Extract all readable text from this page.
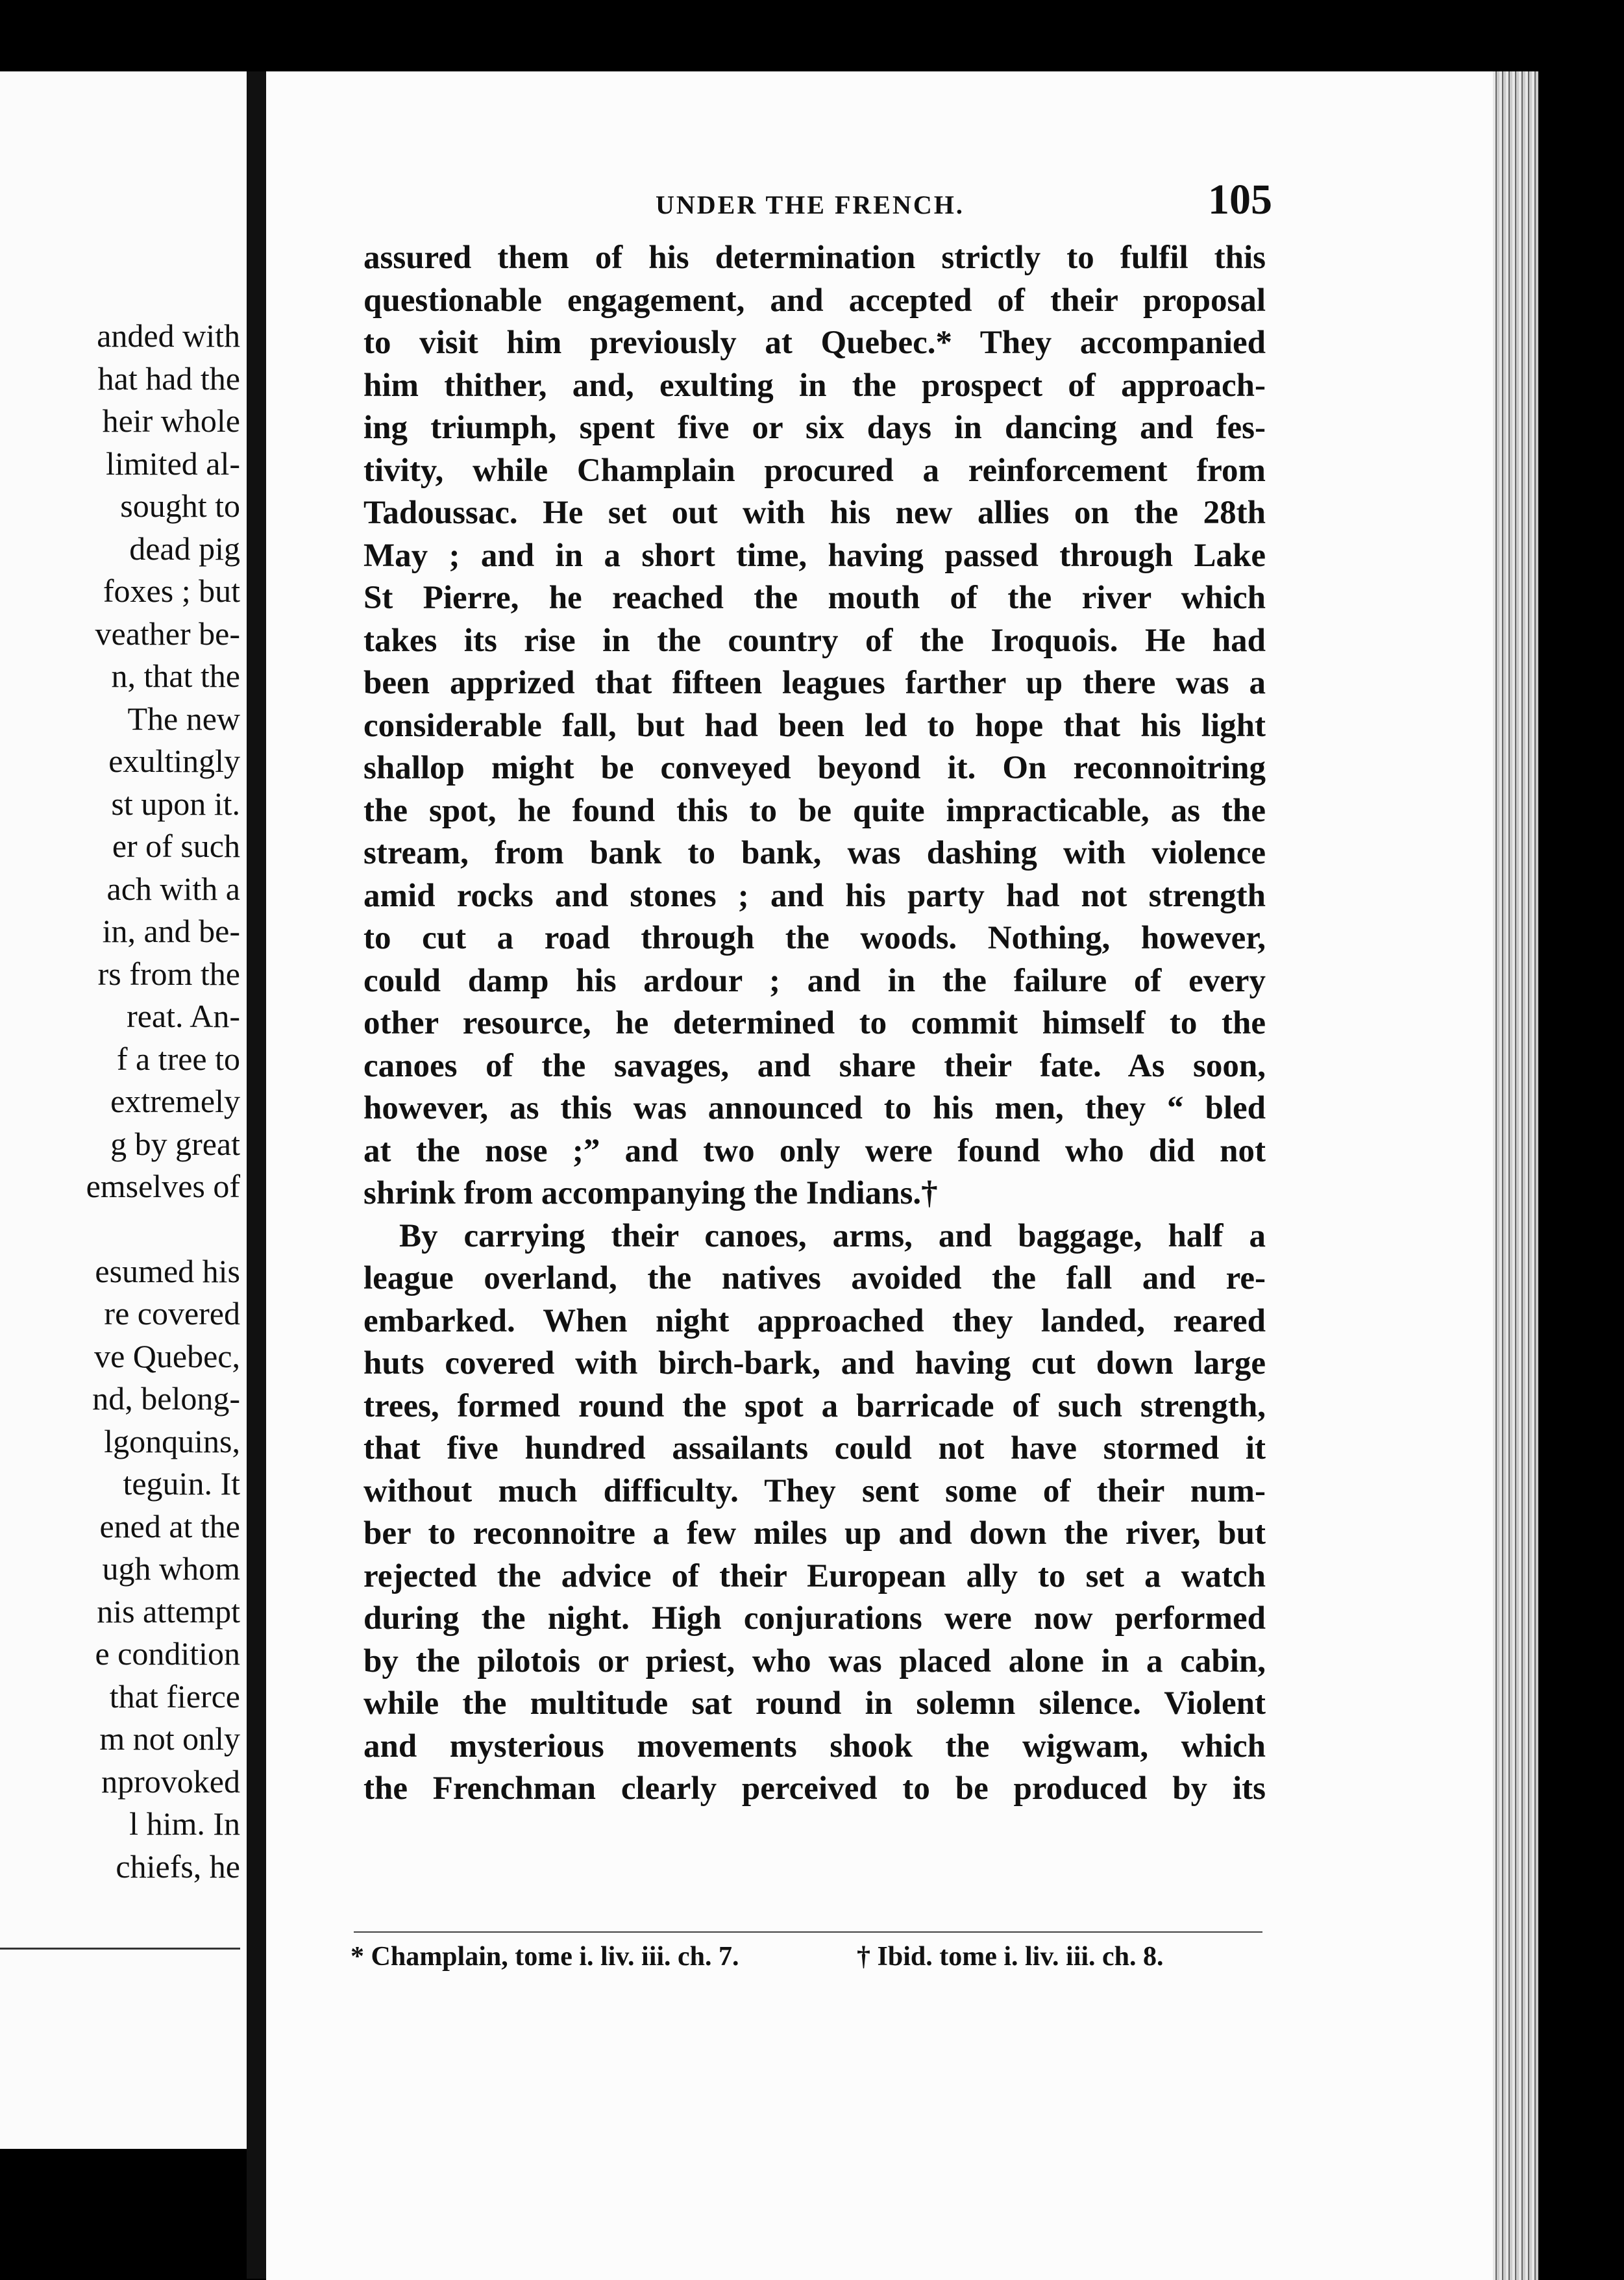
anded with
hat had the
heir whole
limited al-
sought to
dead pig
foxes ; but
veather be-
n, that the
The new
exultingly
st upon it.
er of such
ach with a
in, and be-
rs from the
reat. An-
f a tree to
extremely
g by great
emselves of
esumed his
re covered
ve Quebec,
nd, belong-
lgonquins,
teguin. It
ened at the
ugh whom
nis attempt
e condition
that fierce
m not only
nprovoked
l him. In
chiefs, he
UNDER THE FRENCH.	105
assured them of his determination strictly to fulfil this
questionable engagement, and accepted of their proposal
to visit him previously at Quebec.* They accompanied
him thither, and, exulting in the prospect of approach-
ing triumph, spent five or six days in dancing and fes-
tivity, while Champlain procured a reinforcement from
Tadoussac. He set out with his new allies on the 28th
May ; and in a short time, having passed through Lake
St Pierre, he reached the mouth of the river which
takes its rise in the country of the Iroquois. He had
been apprized that fifteen leagues farther up there was a
considerable fall, but had been led to hope that his light
shallop might be conveyed beyond it. On reconnoitring
the spot, he found this to be quite impracticable, as the
stream, from bank to bank, was dashing with violence
amid rocks and stones ; and his party had not strength
to cut a road through the woods. Nothing, however,
could damp his ardour ; and in the failure of every
other resource, he determined to commit himself to the
canoes of the savages, and share their fate. As soon,
however, as this was announced to his men, they “ bled
at the nose ;” and two only were found who did not
shrink from accompanying the Indians.†
By carrying their canoes, arms, and baggage, half a
league overland, the natives avoided the fall and re-
embarked. When night approached they landed, reared
huts covered with birch-bark, and having cut down large
trees, formed round the spot a barricade of such strength,
that five hundred assailants could not have stormed it
without much difficulty. They sent some of their num-
ber to reconnoitre a few miles up and down the river, but
rejected the advice of their European ally to set a watch
during the night. High conjurations were now performed
by the pilotois or priest, who was placed alone in a cabin,
while the multitude sat round in solemn silence. Violent
and mysterious movements shook the wigwam, which
the Frenchman clearly perceived to be produced by its
* Champlain, tome i. liv. iii. ch. 7.	† Ibid. tome i. liv. iii. ch. 8.
